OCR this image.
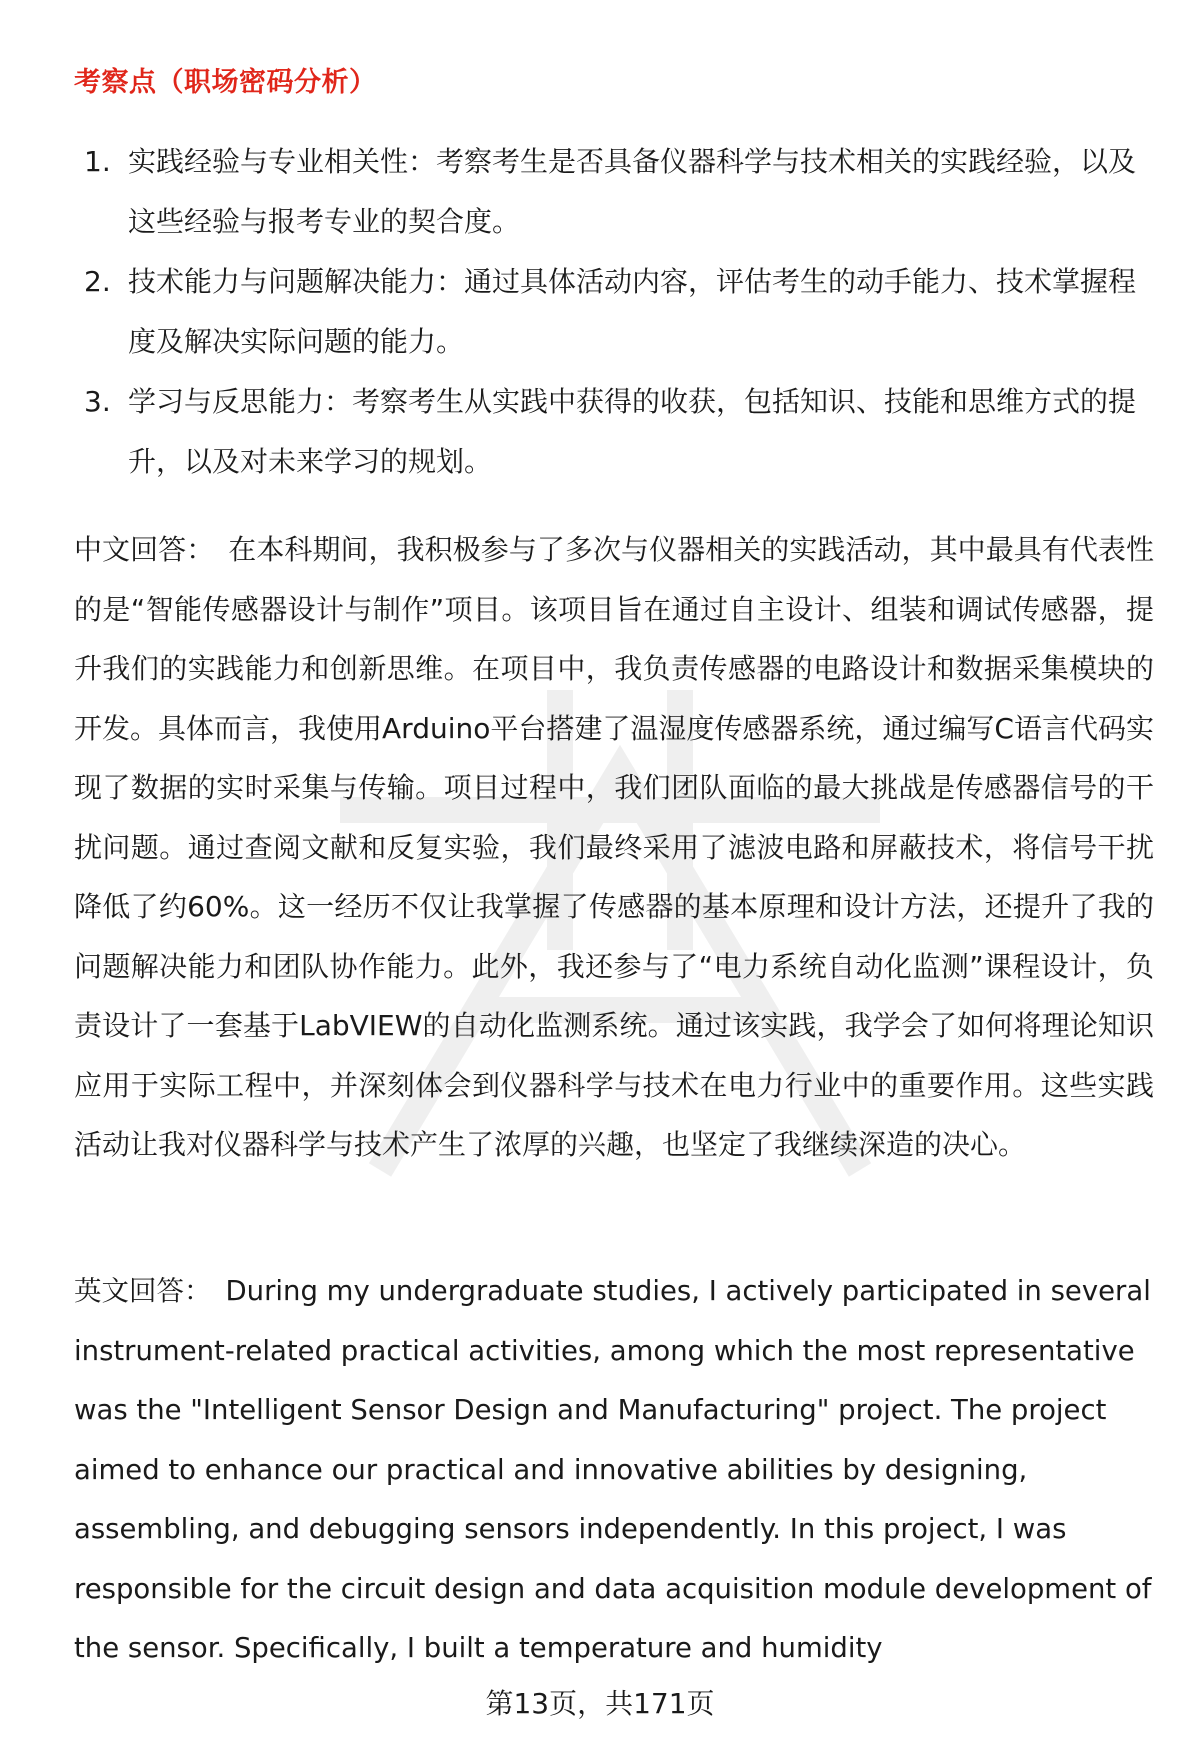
考察点（职场密码分析）
1. 实践经验与专业相关性：考察考生是否具备仪器科学与技术相关的实践经验，以及这些经验与报考专业的契合度。
2. 技术能力与问题解决能力：通过具体活动内容，评估考生的动手能力、技术掌握程度及解决实际问题的能力。
3. 学习与反思能力：考察考生从实践中获得的收获，包括知识、技能和思维方式的提升，以及对未来学习的规划。

中文回答： 在本科期间，我积极参与了多次与仪器相关的实践活动，其中最具有代表性的是“智能传感器设计与制作”项目。该项目旨在通过自主设计、组装和调试传感器，提升我们的实践能力和创新思维。在项目中，我负责传感器的电路设计和数据采集模块的开发。具体而言，我使用Arduino平台搭建了温湿度传感器系统，通过编写C语言代码实现了数据的实时采集与传输。项目过程中，我们团队面临的最大挑战是传感器信号的干扰问题。通过查阅文献和反复实验，我们最终采用了滤波电路和屏蔽技术，将信号干扰降低了约60%。这一经历不仅让我掌握了传感器的基本原理和设计方法，还提升了我的问题解决能力和团队协作能力。此外，我还参与了“电力系统自动化监测”课程设计，负责设计了一套基于LabVIEW的自动化监测系统。通过该实践，我学会了如何将理论知识应用于实际工程中，并深刻体会到仪器科学与技术在电力行业中的重要作用。这些实践活动让我对仪器科学与技术产生了浓厚的兴趣，也坚定了我继续深造的决心。

英文回答： During my undergraduate studies, I actively participated in several instrument-related practical activities, among which the most representative was the "Intelligent Sensor Design and Manufacturing" project. The project aimed to enhance our practical and innovative abilities by designing, assembling, and debugging sensors independently. In this project, I was responsible for the circuit design and data acquisition module development of the sensor. Specifically, I built a temperature and humidity

第13页，共171页
